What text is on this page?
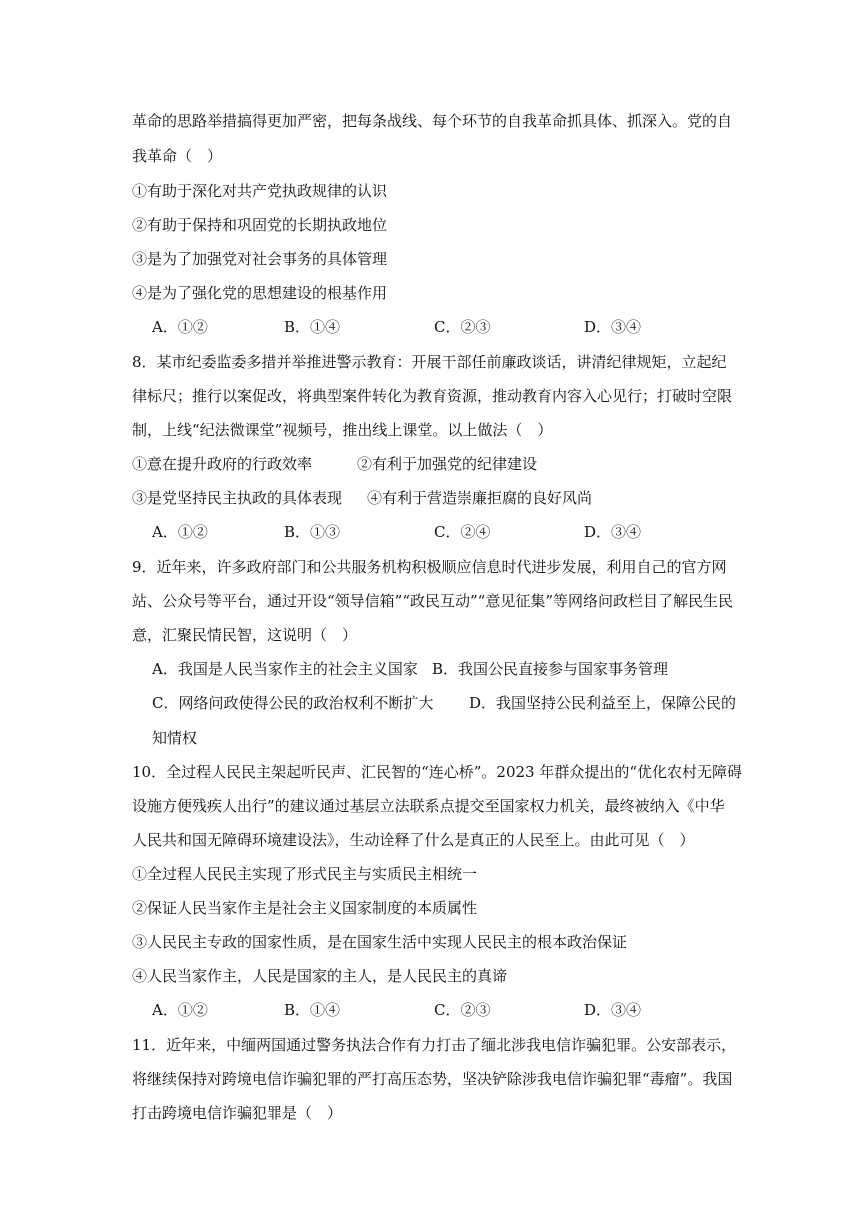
革命的思路举措搞得更加严密，把每条战线、每个环节的自我革命抓具体、抓深入。党的自
我革命（　）
①有助于深化对共产党执政规律的认识
②有助于保持和巩固党的长期执政地位
③是为了加强党对社会事务的具体管理
④是为了强化党的思想建设的根基作用
A．①②	B．①④	C．②③	D．③④
8．某市纪委监委多措并举推进警示教育：开展干部任前廉政谈话，讲清纪律规矩，立起纪
律标尺；推行以案促改，将典型案件转化为教育资源，推动教育内容入心见行；打破时空限
制，上线“纪法微课堂”视频号，推出线上课堂。以上做法（　）
①意在提升政府的行政效率	②有利于加强党的纪律建设
③是党坚持民主执政的具体表现 ④有利于营造崇廉拒腐的良好风尚
A．①②	B．①③	C．②④	D．③④
9．近年来，许多政府部门和公共服务机构积极顺应信息时代进步发展，利用自己的官方网
站、公众号等平台，通过开设“领导信箱”“政民互动”“意见征集”等网络问政栏目了解民生民
意，汇聚民情民智，这说明（　）
A．我国是人民当家作主的社会主义国家 B．我国公民直接参与国家事务管理
C．网络问政使得公民的政治权利不断扩大 D．我国坚持公民利益至上，保障公民的
知情权
10．全过程人民民主架起听民声、汇民智的“连心桥”。2023 年群众提出的“优化农村无障碍
设施方便残疾人出行”的建议通过基层立法联系点提交至国家权力机关，最终被纳入《中华
人民共和国无障碍环境建设法》，生动诠释了什么是真正的人民至上。由此可见（　）
①全过程人民民主实现了形式民主与实质民主相统一
②保证人民当家作主是社会主义国家制度的本质属性
③人民民主专政的国家性质，是在国家生活中实现人民民主的根本政治保证
④人民当家作主，人民是国家的主人，是人民民主的真谛
A．①②	B．①④	C．②③	D．③④
11．近年来，中缅两国通过警务执法合作有力打击了缅北涉我电信诈骗犯罪。公安部表示，
将继续保持对跨境电信诈骗犯罪的严打高压态势，坚决铲除涉我电信诈骗犯罪“毒瘤”。我国
打击跨境电信诈骗犯罪是（　）
